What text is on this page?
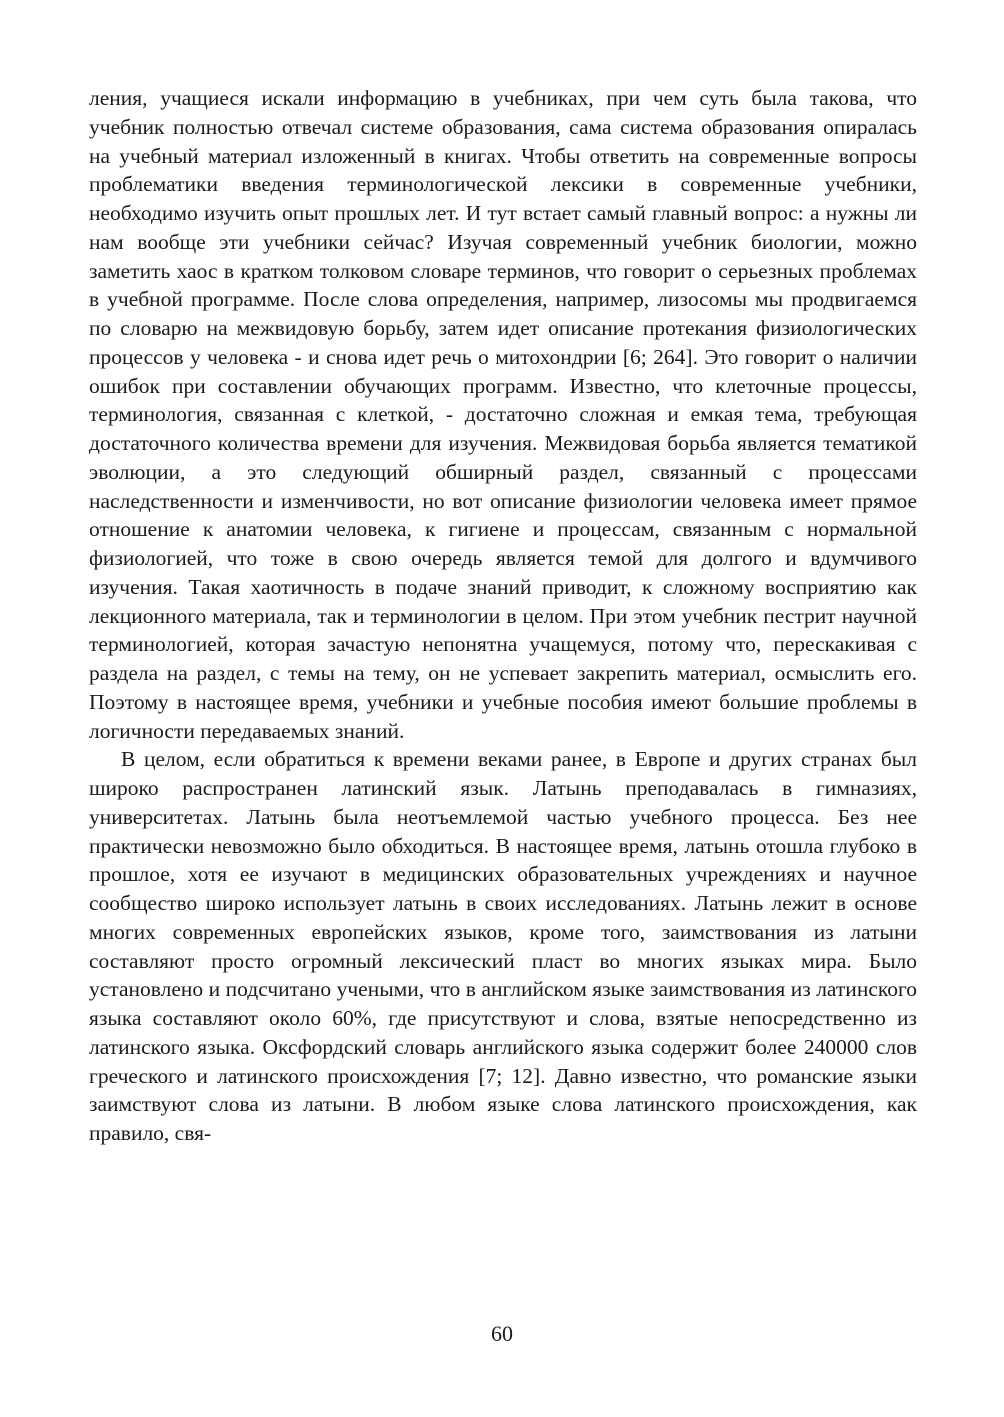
ления, учащиеся искали информацию в учебниках, при чем суть была такова, что учебник полностью отвечал системе образования, сама система образования опиралась на учебный материал изложенный в книгах. Чтобы ответить на современные вопросы проблематики введения терминологической лексики в современные учебники, необходимо изучить опыт прошлых лет. И тут встает самый главный вопрос: а нужны ли нам вообще эти учебники сейчас? Изучая современный учебник биологии, можно заметить хаос в кратком толковом словаре терминов, что говорит о серьезных проблемах в учебной программе. После слова определения, например, лизосомы мы продвигаемся по словарю на межвидовую борьбу, затем идет описание протекания физиологических процессов у человека - и снова идет речь о митохондрии [6; 264]. Это говорит о наличии ошибок при составлении обучающих программ. Известно, что клеточные процессы, терминология, связанная с клеткой, - достаточно сложная и емкая тема, требующая достаточного количества времени для изучения. Межвидовая борьба является тематикой эволюции, а это следующий обширный раздел, связанный с процессами наследственности и изменчивости, но вот описание физиологии человека имеет прямое отношение к анатомии человека, к гигиене и процессам, связанным с нормальной физиологией, что тоже в свою очередь является темой для долгого и вдумчивого изучения. Такая хаотичность в подаче знаний приводит, к сложному восприятию как лекционного материала, так и терминологии в целом. При этом учебник пестрит научной терминологией, которая зачастую непонятна учащемуся, потому что, перескакивая с раздела на раздел, с темы на тему, он не успевает закрепить материал, осмыслить его. Поэтому в настоящее время, учебники и учебные пособия имеют большие проблемы в логичности передаваемых знаний.

В целом, если обратиться к времени веками ранее, в Европе и других странах был широко распространен латинский язык. Латынь преподавалась в гимназиях, университетах. Латынь была неотъемлемой частью учебного процесса. Без нее практически невозможно было обходиться. В настоящее время, латынь отошла глубоко в прошлое, хотя ее изучают в медицинских образовательных учреждениях и научное сообщество широко использует латынь в своих исследованиях. Латынь лежит в основе многих современных европейских языков, кроме того, заимствования из латыни составляют просто огромный лексический пласт во многих языках мира. Было установлено и подсчитано учеными, что в английском языке заимствования из латинского языка составляют около 60%, где присутствуют и слова, взятые непосредственно из латинского языка. Оксфордский словарь английского языка содержит более 240000 слов греческого и латинского происхождения [7; 12]. Давно известно, что романские языки заимствуют слова из латыни. В любом языке слова латинского происхождения, как правило, свя-

60
